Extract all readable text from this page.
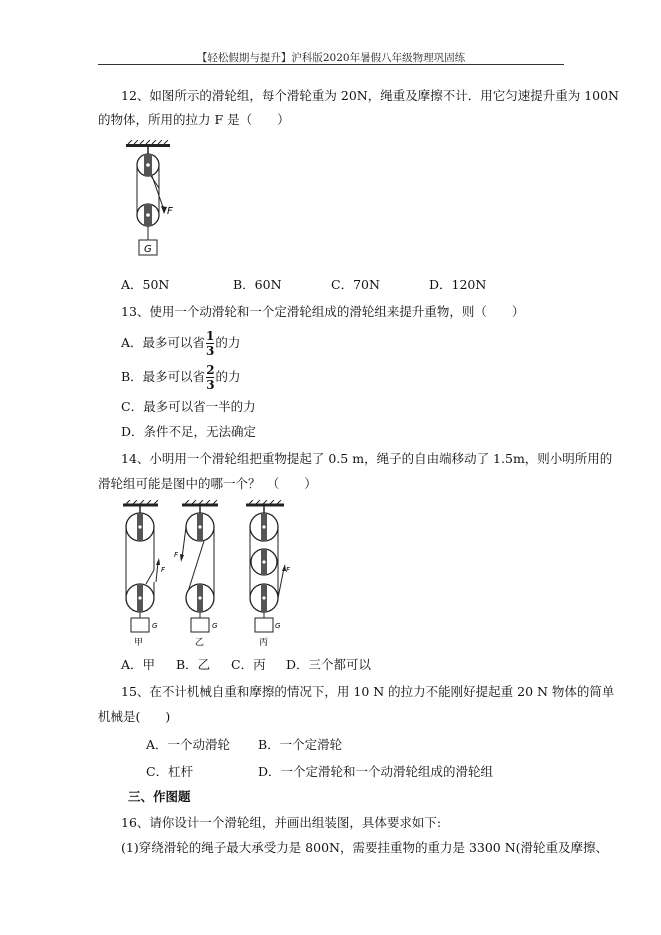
【轻松假期与提升】沪科版2020年暑假八年级物理巩固练
12、如图所示的滑轮组，每个滑轮重为 20N，绳重及摩擦不计．用它匀速提升重为 100N
的物体，所用的拉力 F 是（　　）
F
G
A．50N	B．60N	C．70N	D．120N
13、使用一个动滑轮和一个定滑轮组成的滑轮组来提升重物，则（　　）
A．最多可以省 $\frac{1}{3}$ 的力
B．最多可以省 $\frac{2}{3}$ 的力
C．最多可以省一半的力
D．条件不足，无法确定
14、小明用一个滑轮组把重物提起了 0.5 m，绳子的自由端移动了 1.5m，则小明所用的
滑轮组可能是图中的哪一个？　（　　）
F
G
甲
F
G
乙
F
G
丙
A．甲 B．乙 C．丙 D．三个都可以
15、在不计机械自重和摩擦的情况下，用 10 N 的拉力不能刚好提起重 20 N 物体的简单
机械是(　　)
A．一个动滑轮 B．一个定滑轮
C．杠杆	D．一个定滑轮和一个动滑轮组成的滑轮组
三、作图题
16、请你设计一个滑轮组，并画出组装图，具体要求如下:
(1)穿绕滑轮的绳子最大承受力是 800N，需要挂重物的重力是 3300 N(滑轮重及摩擦、
